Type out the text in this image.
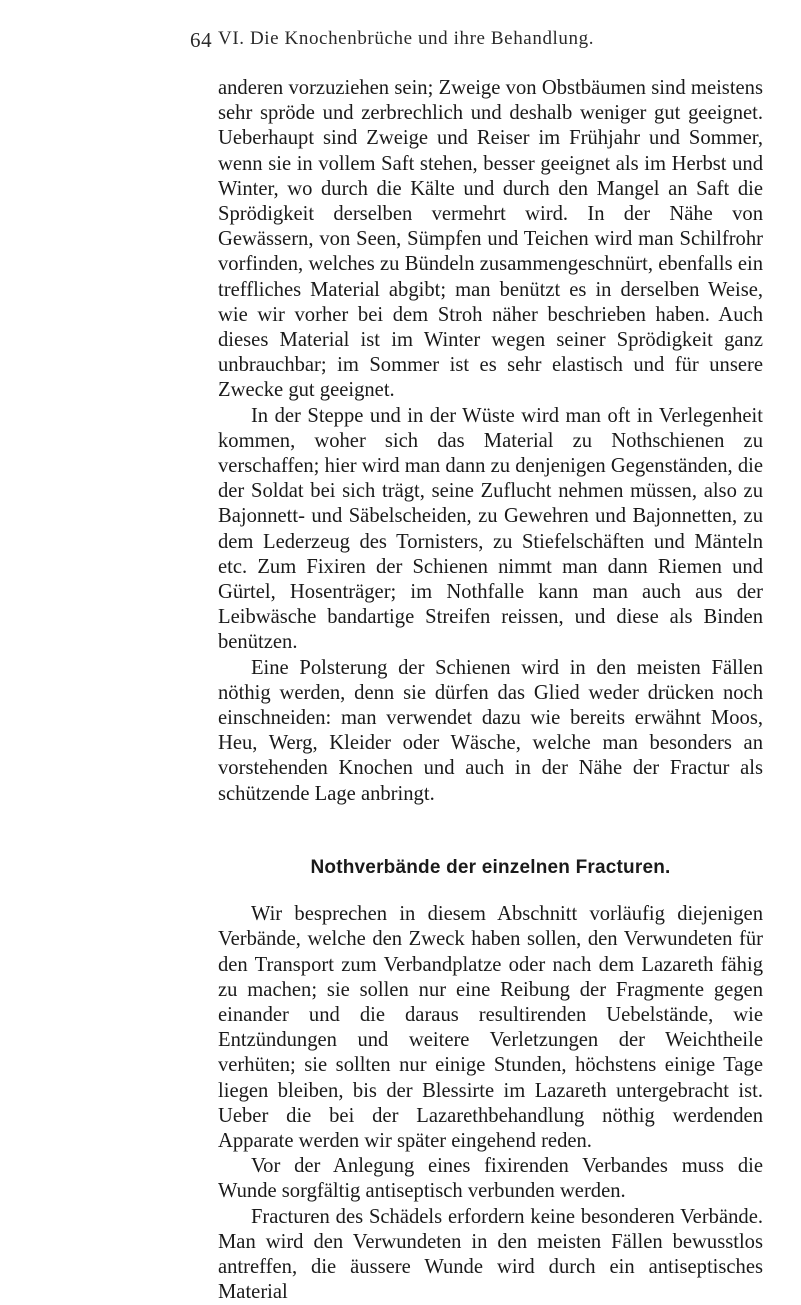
64 VI. Die Knochenbrüche und ihre Behandlung.

anderen vorzuziehen sein; Zweige von Obstbäumen sind meistens sehr spröde und zerbrechlich und deshalb weniger gut geeignet. Ueberhaupt sind Zweige und Reiser im Frühjahr und Sommer, wenn sie in vollem Saft stehen, besser geeignet als im Herbst und Winter, wo durch die Kälte und durch den Mangel an Saft die Sprödigkeit derselben vermehrt wird. In der Nähe von Gewässern, von Seen, Sümpfen und Teichen wird man Schilfrohr vorfinden, welches zu Bündeln zusammengeschnürt, ebenfalls ein treffliches Material abgibt; man benützt es in derselben Weise, wie wir vorher bei dem Stroh näher beschrieben haben. Auch dieses Material ist im Winter wegen seiner Sprödigkeit ganz unbrauchbar; im Sommer ist es sehr elastisch und für unsere Zwecke gut geeignet.

In der Steppe und in der Wüste wird man oft in Verlegenheit kommen, woher sich das Material zu Nothschienen zu verschaffen; hier wird man dann zu denjenigen Gegenständen, die der Soldat bei sich trägt, seine Zuflucht nehmen müssen, also zu Bajonnett- und Säbelscheiden, zu Gewehren und Bajonnetten, zu dem Lederzeug des Tornisters, zu Stiefelschäften und Mänteln etc. Zum Fixiren der Schienen nimmt man dann Riemen und Gürtel, Hosenträger; im Nothfalle kann man auch aus der Leibwäsche bandartige Streifen reissen, und diese als Binden benützen.

Eine Polsterung der Schienen wird in den meisten Fällen nöthig werden, denn sie dürfen das Glied weder drücken noch einschneiden: man verwendet dazu wie bereits erwähnt Moos, Heu, Werg, Kleider oder Wäsche, welche man besonders an vorstehenden Knochen und auch in der Nähe der Fractur als schützende Lage anbringt.

Nothverbände der einzelnen Fracturen.

Wir besprechen in diesem Abschnitt vorläufig diejenigen Verbände, welche den Zweck haben sollen, den Verwundeten für den Transport zum Verbandplatze oder nach dem Lazareth fähig zu machen; sie sollen nur eine Reibung der Fragmente gegen einander und die daraus resultirenden Uebelstände, wie Entzündungen und weitere Verletzungen der Weichtheile verhüten; sie sollten nur einige Stunden, höchstens einige Tage liegen bleiben, bis der Blessirte im Lazareth untergebracht ist. Ueber die bei der Lazarethbehandlung nöthig werdenden Apparate werden wir später eingehend reden.

Vor der Anlegung eines fixirenden Verbandes muss die Wunde sorgfältig antiseptisch verbunden werden.

Fracturen des Schädels erfordern keine besonderen Verbände. Man wird den Verwundeten in den meisten Fällen bewusstlos antreffen, die äussere Wunde wird durch ein antiseptisches Material
